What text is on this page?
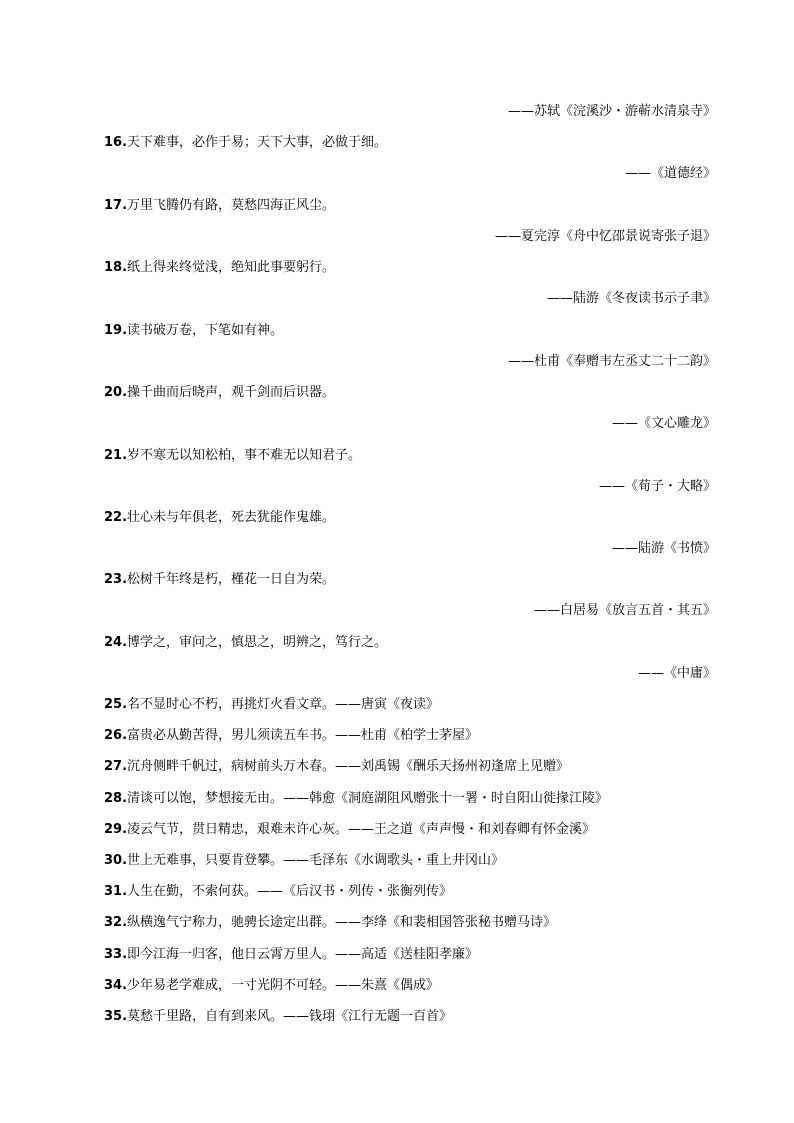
——苏轼《浣溪沙・游蕲水清泉寺》
16.天下难事，必作于易；天下大事，必做于细。
——《道德经》
17.万里飞腾仍有路，莫愁四海正风尘。
——夏完淳《舟中忆邵景说寄张子退》
18.纸上得来终觉浅，绝知此事要躬行。
——陆游《冬夜读书示子聿》
19.读书破万卷，下笔如有神。
——杜甫《奉赠韦左丞丈二十二韵》
20.操千曲而后晓声，观千剑而后识器。
——《文心雕龙》
21.岁不寒无以知松柏，事不难无以知君子。
——《荀子・大略》
22.壮心未与年俱老，死去犹能作鬼雄。
——陆游《书愤》
23.松树千年终是朽，槿花一日自为荣。
——白居易《放言五首・其五》
24.博学之，审问之，慎思之，明辨之，笃行之。
——《中庸》
25.名不显时心不朽，再挑灯火看文章。——唐寅《夜读》
26.富贵必从勤苦得，男儿须读五车书。——杜甫《柏学士茅屋》
27.沉舟侧畔千帆过，病树前头万木春。——刘禹锡《酬乐天扬州初逢席上见赠》
28.清谈可以饱，梦想接无由。——韩愈《洞庭湖阻风赠张十一署・时自阳山徙掾江陵》
29.凌云气节，贯日精忠，艰难未许心灰。——王之道《声声慢・和刘春卿有怀金溪》
30.世上无难事，只要肯登攀。——毛泽东《水调歌头・重上井冈山》
31.人生在勤，不索何获。——《后汉书・列传・张衡列传》
32.纵横逸气宁称力，驰骋长途定出群。——李绛《和裴相国答张秘书赠马诗》
33.即今江海一归客，他日云霄万里人。——高适《送桂阳孝廉》
34.少年易老学难成，一寸光阴不可轻。——朱熹《偶成》
35.莫愁千里路，自有到来风。——钱珝《江行无题一百首》
